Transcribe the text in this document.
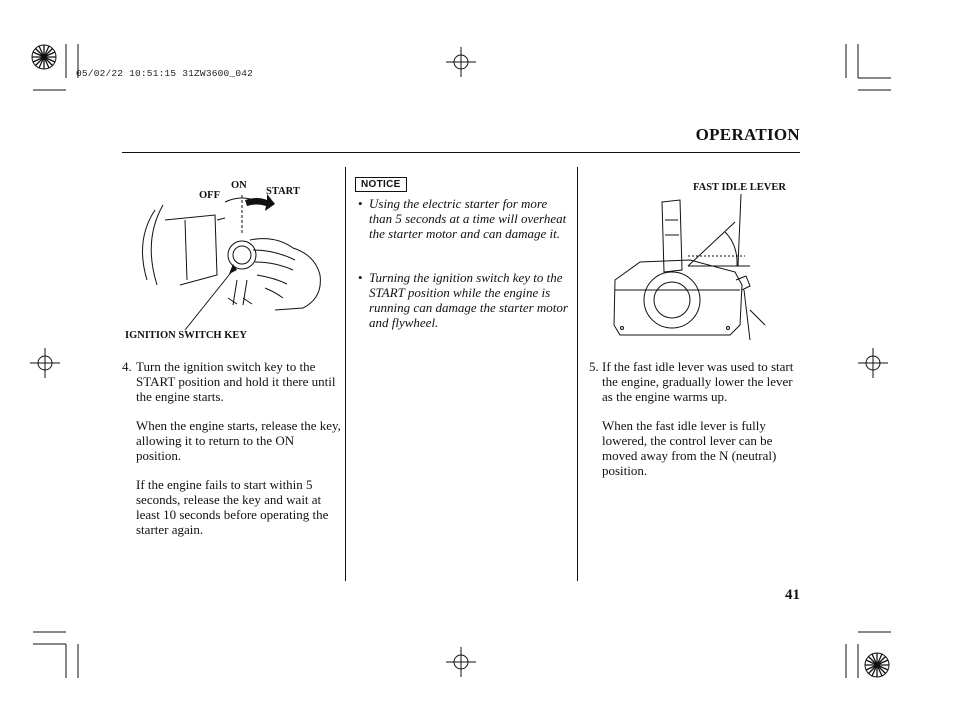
05/02/22 10:51:15 31ZW3600_042
OPERATION
ON
OFF	START
IGNITION SWITCH KEY
4. Turn the ignition switch key to the START position and hold it there until the engine starts.
When the engine starts, release the key, allowing it to return to the ON position.
If the engine fails to start within 5 seconds, release the key and wait at least 10 seconds before operating the starter again.
NOTICE

• Using the electric starter for more than 5 seconds at a time will overheat the starter motor and can damage it.

• Turning the ignition switch key to the START position while the engine is running can damage the starter motor and flywheel.

FAST IDLE LEVER
5. If the fast idle lever was used to start the engine, gradually lower the lever as the engine warms up.
When the fast idle lever is fully lowered, the control lever can be moved away from the N (neutral) position.
41
